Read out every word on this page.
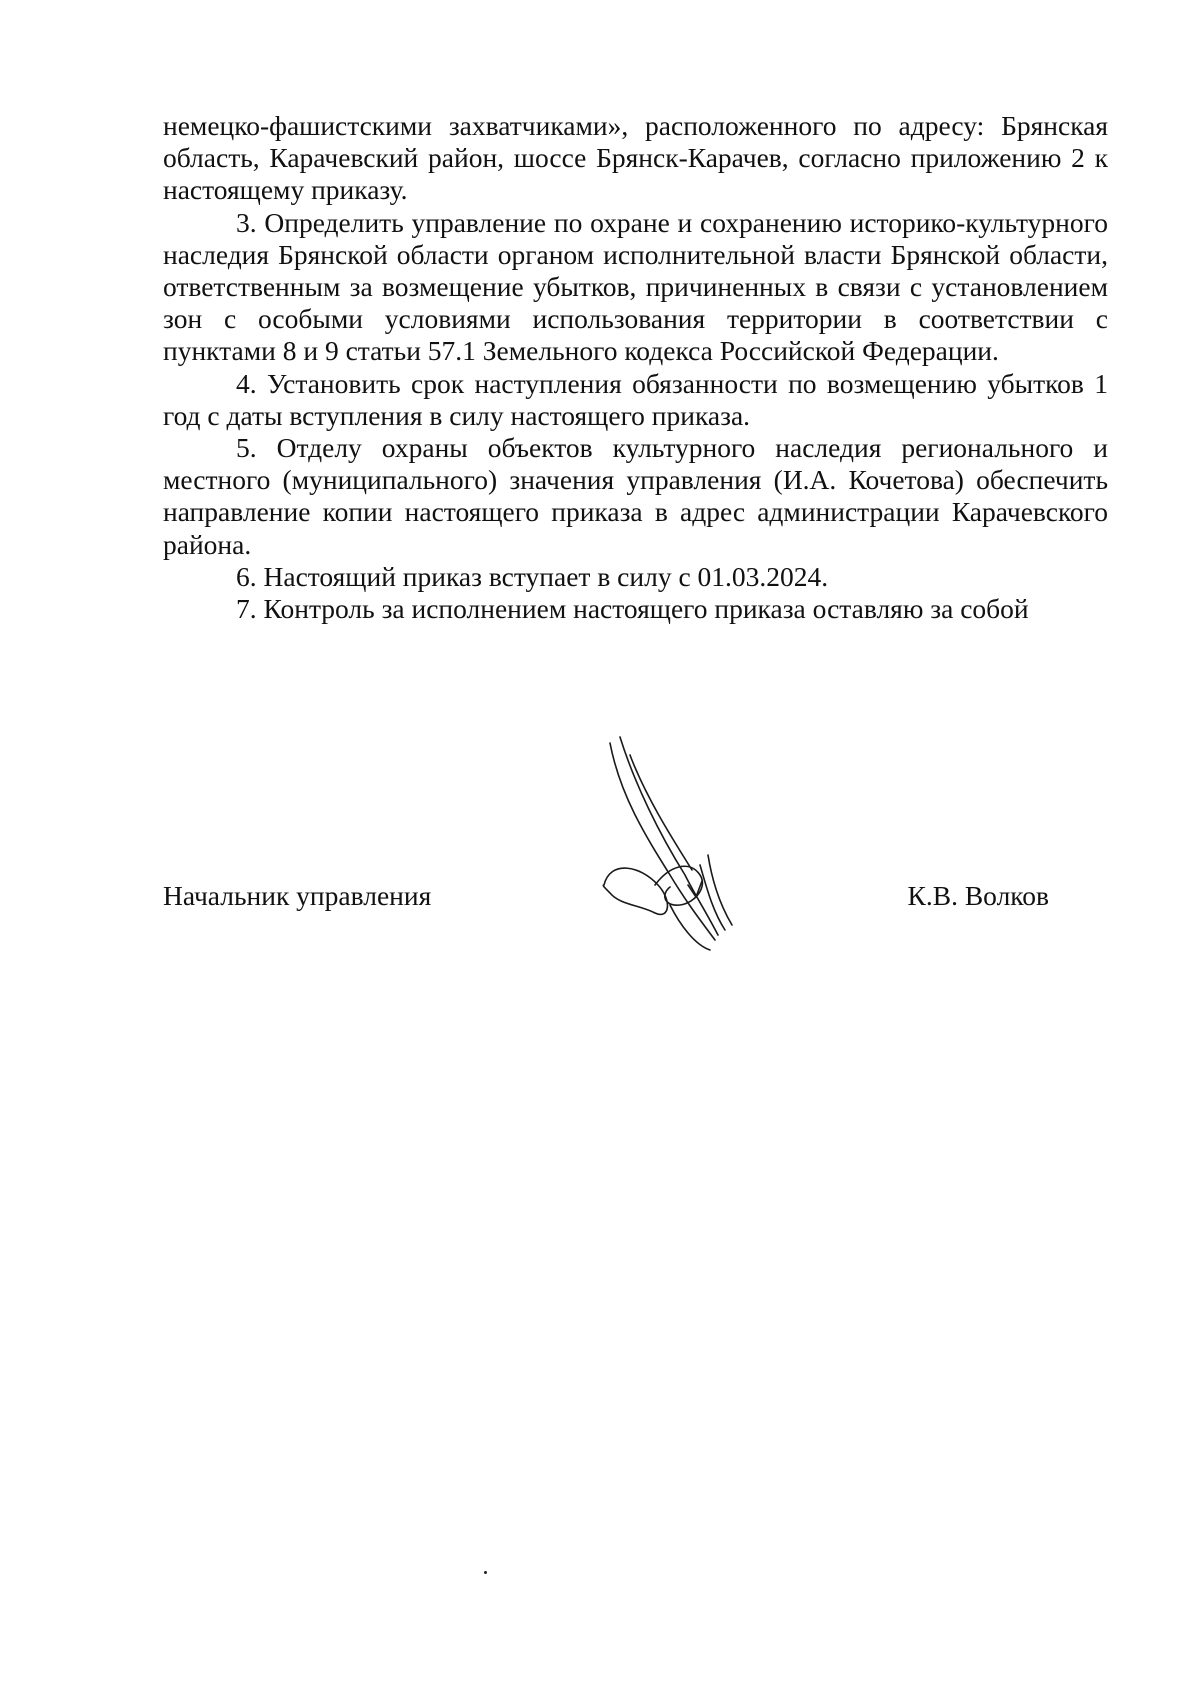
немецко-фашистскими захватчиками», расположенного по адресу: Брянская область, Карачевский район, шоссе Брянск-Карачев, согласно приложению 2 к настоящему приказу.

3. Определить управление по охране и сохранению историко-культурного наследия Брянской области органом исполнительной власти Брянской области, ответственным за возмещение убытков, причиненных в связи с установлением зон с особыми условиями использования территории в соответствии с пунктами 8 и 9 статьи 57.1 Земельного кодекса Российской Федерации.

4. Установить срок наступления обязанности по возмещению убытков 1 год с даты вступления в силу настоящего приказа.

5. Отделу охраны объектов культурного наследия регионального и местного (муниципального) значения управления (И.А. Кочетова) обеспечить направление копии настоящего приказа в адрес администрации Карачевского района.

6. Настоящий приказ вступает в силу с 01.03.2024.

7. Контроль за исполнением настоящего приказа оставляю за собой

Начальник управления	К.В. Волков
